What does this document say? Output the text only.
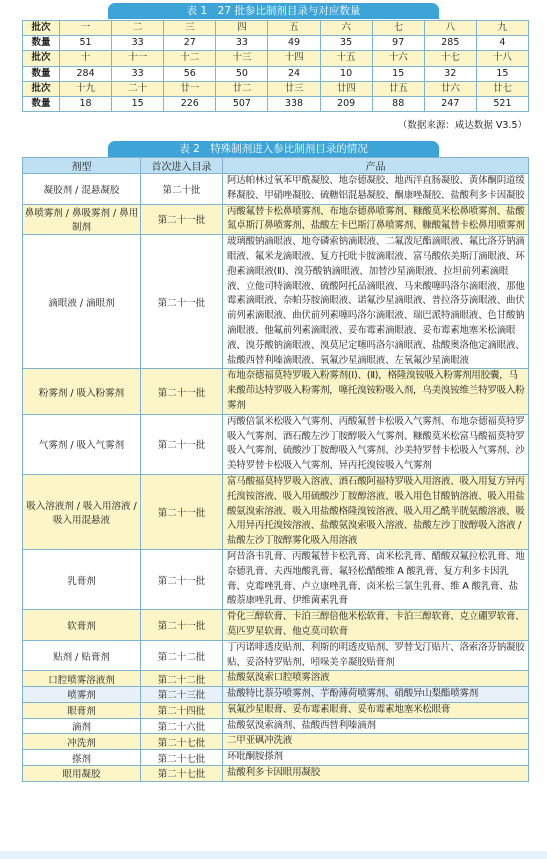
表 1　27 批参比制剂目录与对应数量
批次	一	二	三	四	五	六	七	八	九
数量	51	33	27	33	49	35	97	285	4
批次	十	十一	十二	十三	十四	十五	十六	十七	十八
数量	284	33	56	50	24	10	15	32	15
批次	十九	二十	廿一	廿二	廿三	廿四	廿五	廿六	廿七
数量	18	15	226	507	338	209	88	247	521
（数据来源：咸达数据 V3.5）
表 2　特殊制剂进入参比制剂目录的情况
剂型	首次进入目录	产品
凝胶剂 / 混悬凝胶	第二十批	阿达帕林过氧苯甲酰凝胶、地奈德凝胶、地西泮直肠凝胶、黄体酮阴道缓释凝胶、甲硝唑凝胶、硫糖铝混悬凝胶、酮康唑凝胶、盐酸利多卡因凝胶
鼻喷雾剂 / 鼻吸雾剂 / 鼻用制剂	第二十一批	丙酸氟替卡松鼻喷雾剂、布地奈德鼻喷雾剂、糠酸莫米松鼻喷雾剂、盐酸氮卓斯汀鼻喷雾剂、盐酸左卡巴斯汀鼻喷雾剂、糠酸氟替卡松鼻用喷雾剂
滴眼液 / 滴眼剂	第二十一批	玻璃酸钠滴眼液、地夸磷索钠滴眼液、二氟泼尼酯滴眼液、氟比洛芬钠滴眼液、氟米龙滴眼液、复方托吡卡胺滴眼液、富马酸依美斯汀滴眼液、环孢素滴眼液(Ⅱ)、溴芬酸钠滴眼液、加替沙星滴眼液、拉坦前列素滴眼液、立他司特滴眼液、硫酸阿托品滴眼液、马来酸噻吗洛尔滴眼液、那他霉素滴眼液、奈帕芬胺滴眼液、诺氟沙星滴眼液、普拉洛芬滴眼液、曲伏前列素滴眼液、曲伏前列素噻吗洛尔滴眼液、瑞巴派特滴眼液、色甘酸钠滴眼液、他氟前列素滴眼液、妥布霉素滴眼液、妥布霉素地塞米松滴眼液、溴芬酸钠滴眼液、溴莫尼定噻吗洛尔滴眼液、盐酸奥洛他定滴眼液、盐酸西替利嗪滴眼液、氧氟沙星滴眼液、左氧氟沙星滴眼液
粉雾剂 / 吸入粉雾剂	第二十一批	布地奈德福莫特罗吸入粉雾剂(Ⅰ)、(Ⅱ)，格隆溴铵吸入粉雾剂用胶囊，马来酸茚达特罗吸入粉雾剂，噻托溴铵粉吸入剂，乌美溴铵维兰特罗吸入粉雾剂
气雾剂 / 吸入气雾剂	第二十一批	丙酸倍氯米松吸入气雾剂、丙酸氟替卡松吸入气雾剂、布地奈德福莫特罗吸入气雾剂、酒石酸左沙丁胺醇吸入气雾剂、糠酸莫米松富马酸福莫特罗吸入气雾剂、硫酸沙丁胺醇吸入气雾剂、沙美特罗替卡松吸入气雾剂、沙美特罗替卡松吸入气雾剂、异丙托溴铵吸入气雾剂
吸入溶液剂 / 吸入用溶液 / 吸入用混悬液	第二十一批	富马酸福莫特罗吸入溶液、酒石酸阿福特罗吸入用溶液、吸入用复方异丙托溴铵溶液、吸入用硫酸沙丁胺醇溶液、吸入用色甘酸钠溶液、吸入用盐酸氨溴索溶液、吸入用盐酸格隆溴铵溶液、吸入用乙酰半胱氨酸溶液、吸入用异丙托溴铵溶液、盐酸氨溴索吸入溶液、盐酸左沙丁胺醇吸入溶液 / 盐酸左沙丁胺醇雾化吸入用溶液
乳膏剂	第二十一批	阿昔洛韦乳膏、丙酸氟替卡松乳膏、卤米松乳膏、醋酸双氟拉松乳膏、地奈德乳膏、夫西地酸乳膏、氟轻松醋酸维 A 酸乳膏、复方利多卡因乳膏、克霉唑乳膏、卢立康唑乳膏、卤米松三氯生乳膏、维 A 酸乳膏、盐酸萘康唑乳膏、伊维菌素乳膏
软膏剂	第二十一批	骨化三醇软膏、卡泊三醇倍他米松软膏、卡泊三醇软膏、克立硼罗软膏、莫匹罗星软膏、他克莫司软膏
贴剂 / 贴膏剂	第二十二批	丁丙诺啡透皮贴剂、利斯的明透皮贴剂、罗替戈汀贴片、洛索洛芬钠凝胶贴、妥洛特罗贴剂、吲哚美辛凝胶贴膏剂
口腔喷雾溶液剂	第二十二批	盐酸氨溴索口腔喷雾溶液
喷雾剂	第二十三批	盐酸特比萘芬喷雾剂、芋酚薄荷喷雾剂、硝酸异山梨酯喷雾剂
眼膏剂	第二十四批	氧氟沙星眼膏、妥布霉素眼膏、妥布霉素地塞米松眼膏
滴剂	第二十六批	盐酸氨溴索滴剂、盐酸西替利嗪滴剂
冲洗剂	第二十七批	二甲亚砜冲洗液
搽剂	第二十七批	环吡酮胺搽剂
眼用凝胶	第二十七批	盐酸利多卡因眼用凝胶
